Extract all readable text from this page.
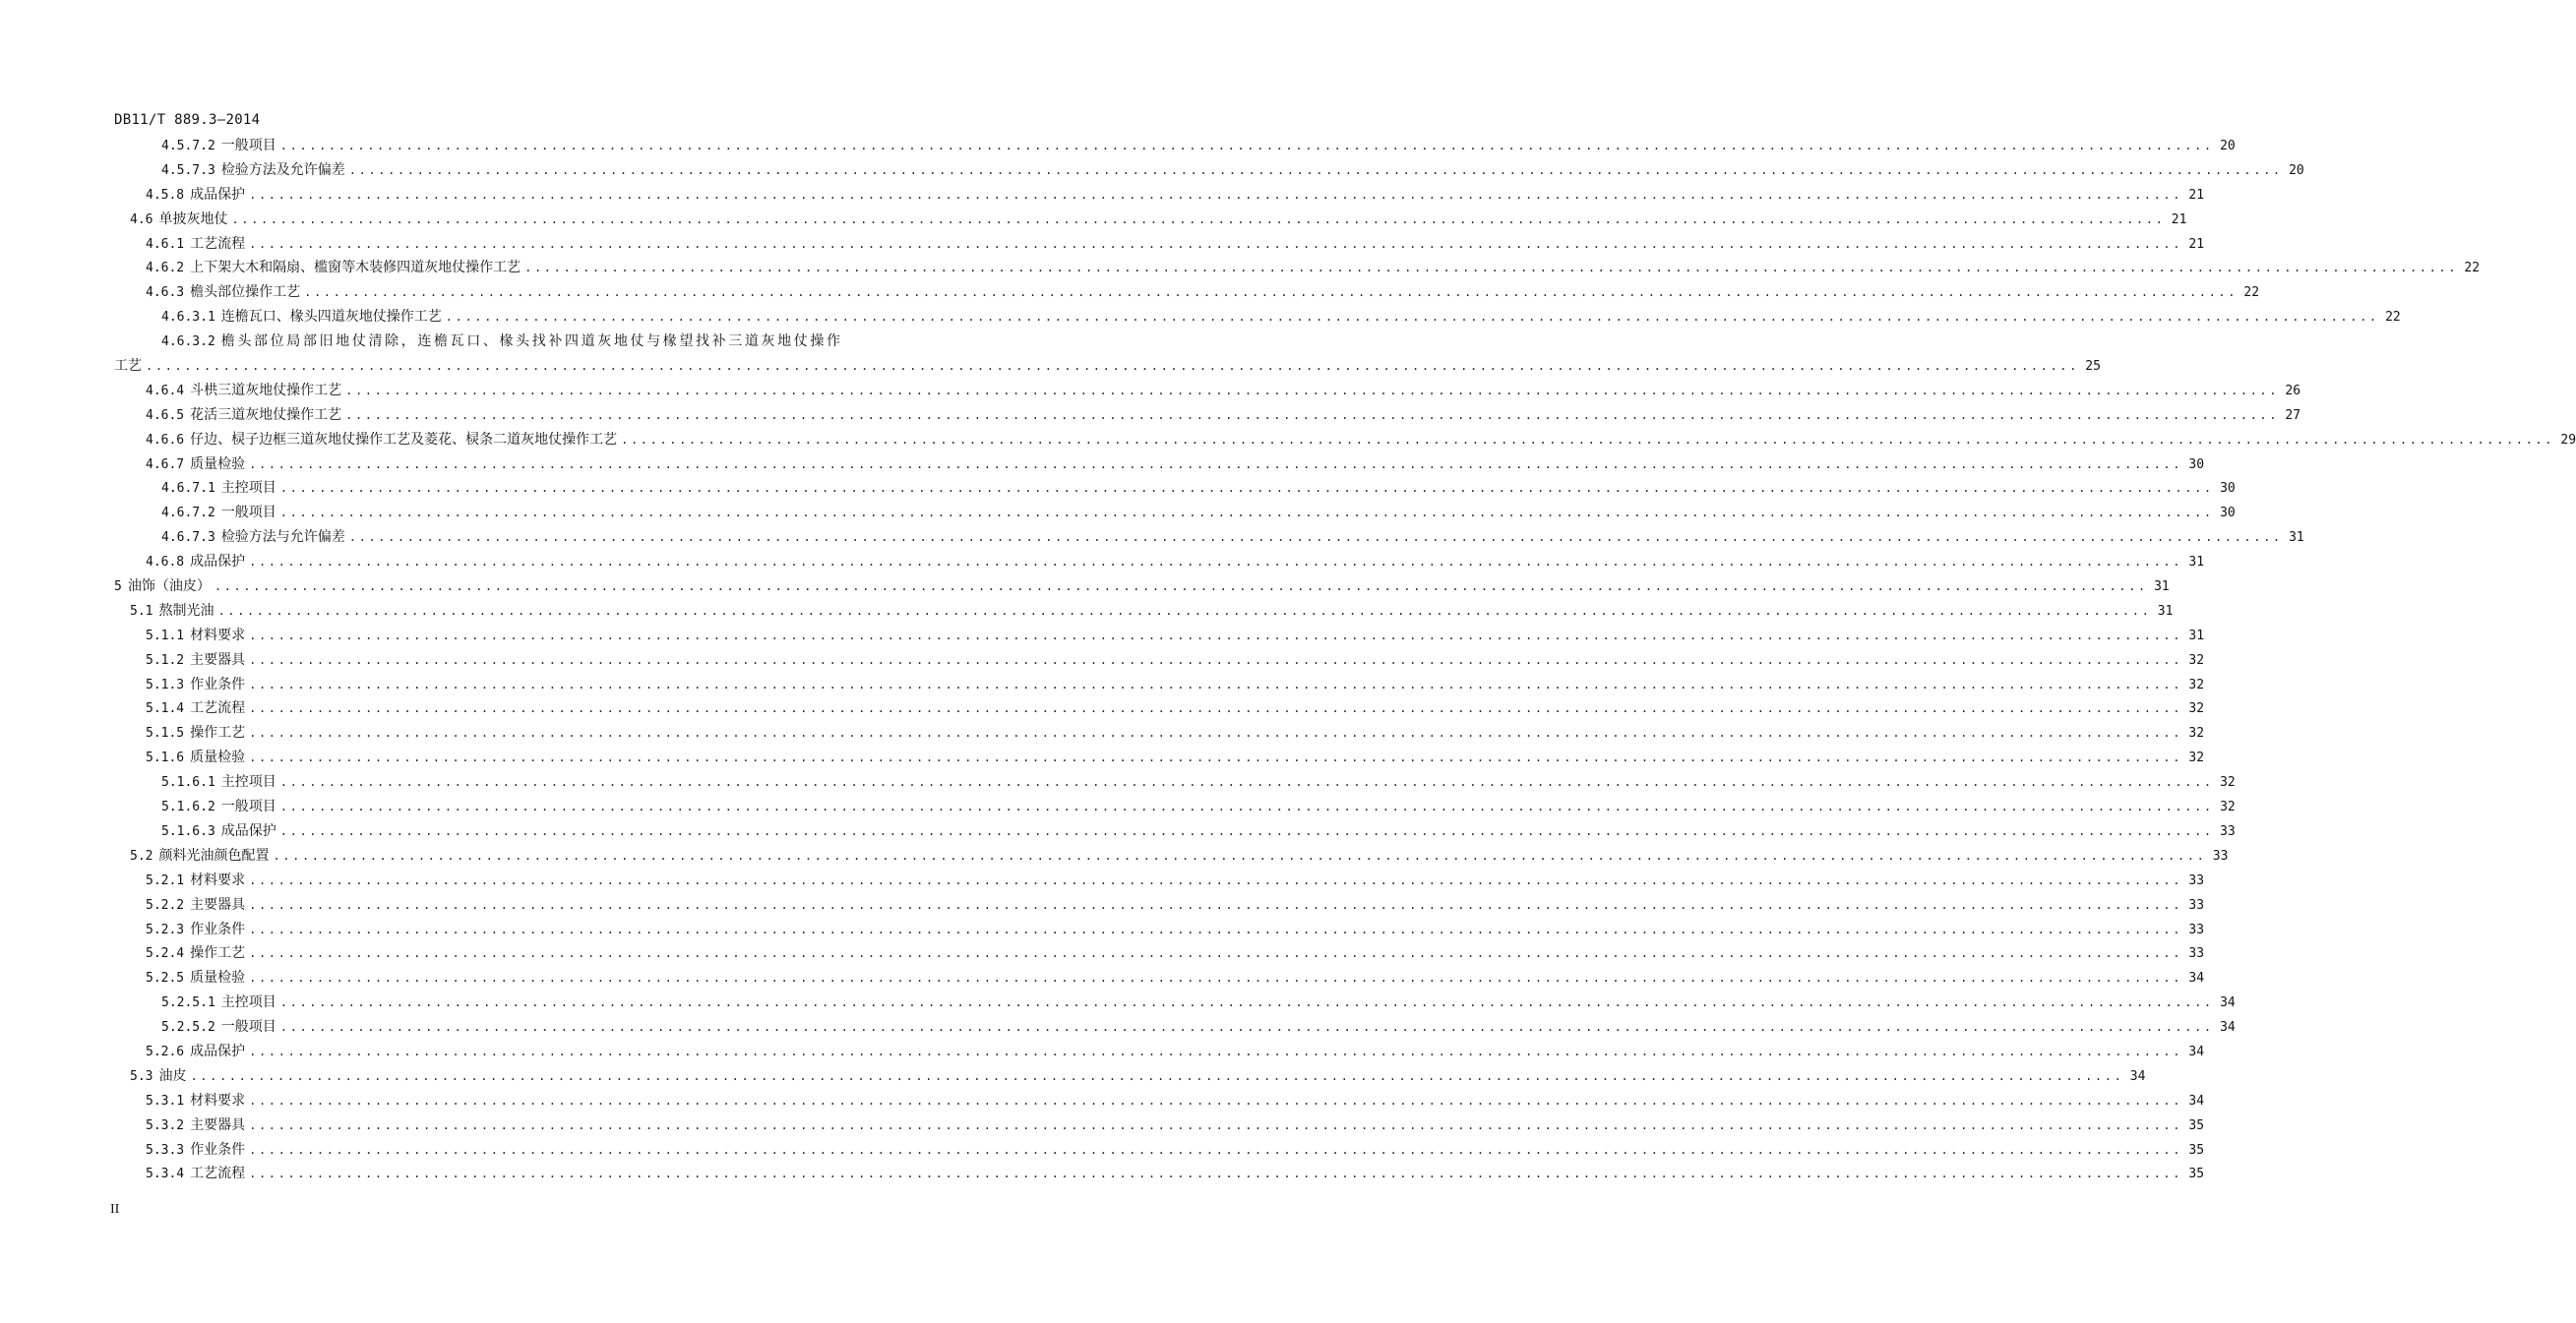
DB11/T 889.3—2014
4.5.7.2 一般项目 ........................................................................................................................................................................................................ 20
4.5.7.3 检验方法及允许偏差 ........................................................................................................................................................................................................ 20
4.5.8 成品保护 ........................................................................................................................................................................................................ 21
4.6 单披灰地仗 ........................................................................................................................................................................................................ 21
4.6.1 工艺流程 ........................................................................................................................................................................................................ 21
4.6.2 上下架大木和隔扇、槛窗等木装修四道灰地仗操作工艺 ........................................................................................................................................................................................................ 22
4.6.3 檐头部位操作工艺 ........................................................................................................................................................................................................ 22
4.6.3.1 连檐瓦口、椽头四道灰地仗操作工艺 ........................................................................................................................................................................................................ 22
4.6.3.2 檐头部位局部旧地仗清除，连檐瓦口、椽头找补四道灰地仗与椽望找补三道灰地仗操作
工艺 ........................................................................................................................................................................................................ 25
4.6.4 斗栱三道灰地仗操作工艺 ........................................................................................................................................................................................................ 26
4.6.5 花活三道灰地仗操作工艺 ........................................................................................................................................................................................................ 27
4.6.6 仔边、棂子边框三道灰地仗操作工艺及菱花、棂条二道灰地仗操作工艺 ........................................................................................................................................................................................................ 29
4.6.7 质量检验 ........................................................................................................................................................................................................ 30
4.6.7.1 主控项目 ........................................................................................................................................................................................................ 30
4.6.7.2 一般项目 ........................................................................................................................................................................................................ 30
4.6.7.3 检验方法与允许偏差 ........................................................................................................................................................................................................ 31
4.6.8 成品保护 ........................................................................................................................................................................................................ 31
5 油饰（油皮） ........................................................................................................................................................................................................ 31
5.1 熬制光油 ........................................................................................................................................................................................................ 31
5.1.1 材料要求 ........................................................................................................................................................................................................ 31
5.1.2 主要器具 ........................................................................................................................................................................................................ 32
5.1.3 作业条件 ........................................................................................................................................................................................................ 32
5.1.4 工艺流程 ........................................................................................................................................................................................................ 32
5.1.5 操作工艺 ........................................................................................................................................................................................................ 32
5.1.6 质量检验 ........................................................................................................................................................................................................ 32
5.1.6.1 主控项目 ........................................................................................................................................................................................................ 32
5.1.6.2 一般项目 ........................................................................................................................................................................................................ 32
5.1.6.3 成品保护 ........................................................................................................................................................................................................ 33
5.2 颜料光油颜色配置 ........................................................................................................................................................................................................ 33
5.2.1 材料要求 ........................................................................................................................................................................................................ 33
5.2.2 主要器具 ........................................................................................................................................................................................................ 33
5.2.3 作业条件 ........................................................................................................................................................................................................ 33
5.2.4 操作工艺 ........................................................................................................................................................................................................ 33
5.2.5 质量检验 ........................................................................................................................................................................................................ 34
5.2.5.1 主控项目 ........................................................................................................................................................................................................ 34
5.2.5.2 一般项目 ........................................................................................................................................................................................................ 34
5.2.6 成品保护 ........................................................................................................................................................................................................ 34
5.3 油皮 ........................................................................................................................................................................................................ 34
5.3.1 材料要求 ........................................................................................................................................................................................................ 34
5.3.2 主要器具 ........................................................................................................................................................................................................ 35
5.3.3 作业条件 ........................................................................................................................................................................................................ 35
5.3.4 工艺流程 ........................................................................................................................................................................................................ 35
II
